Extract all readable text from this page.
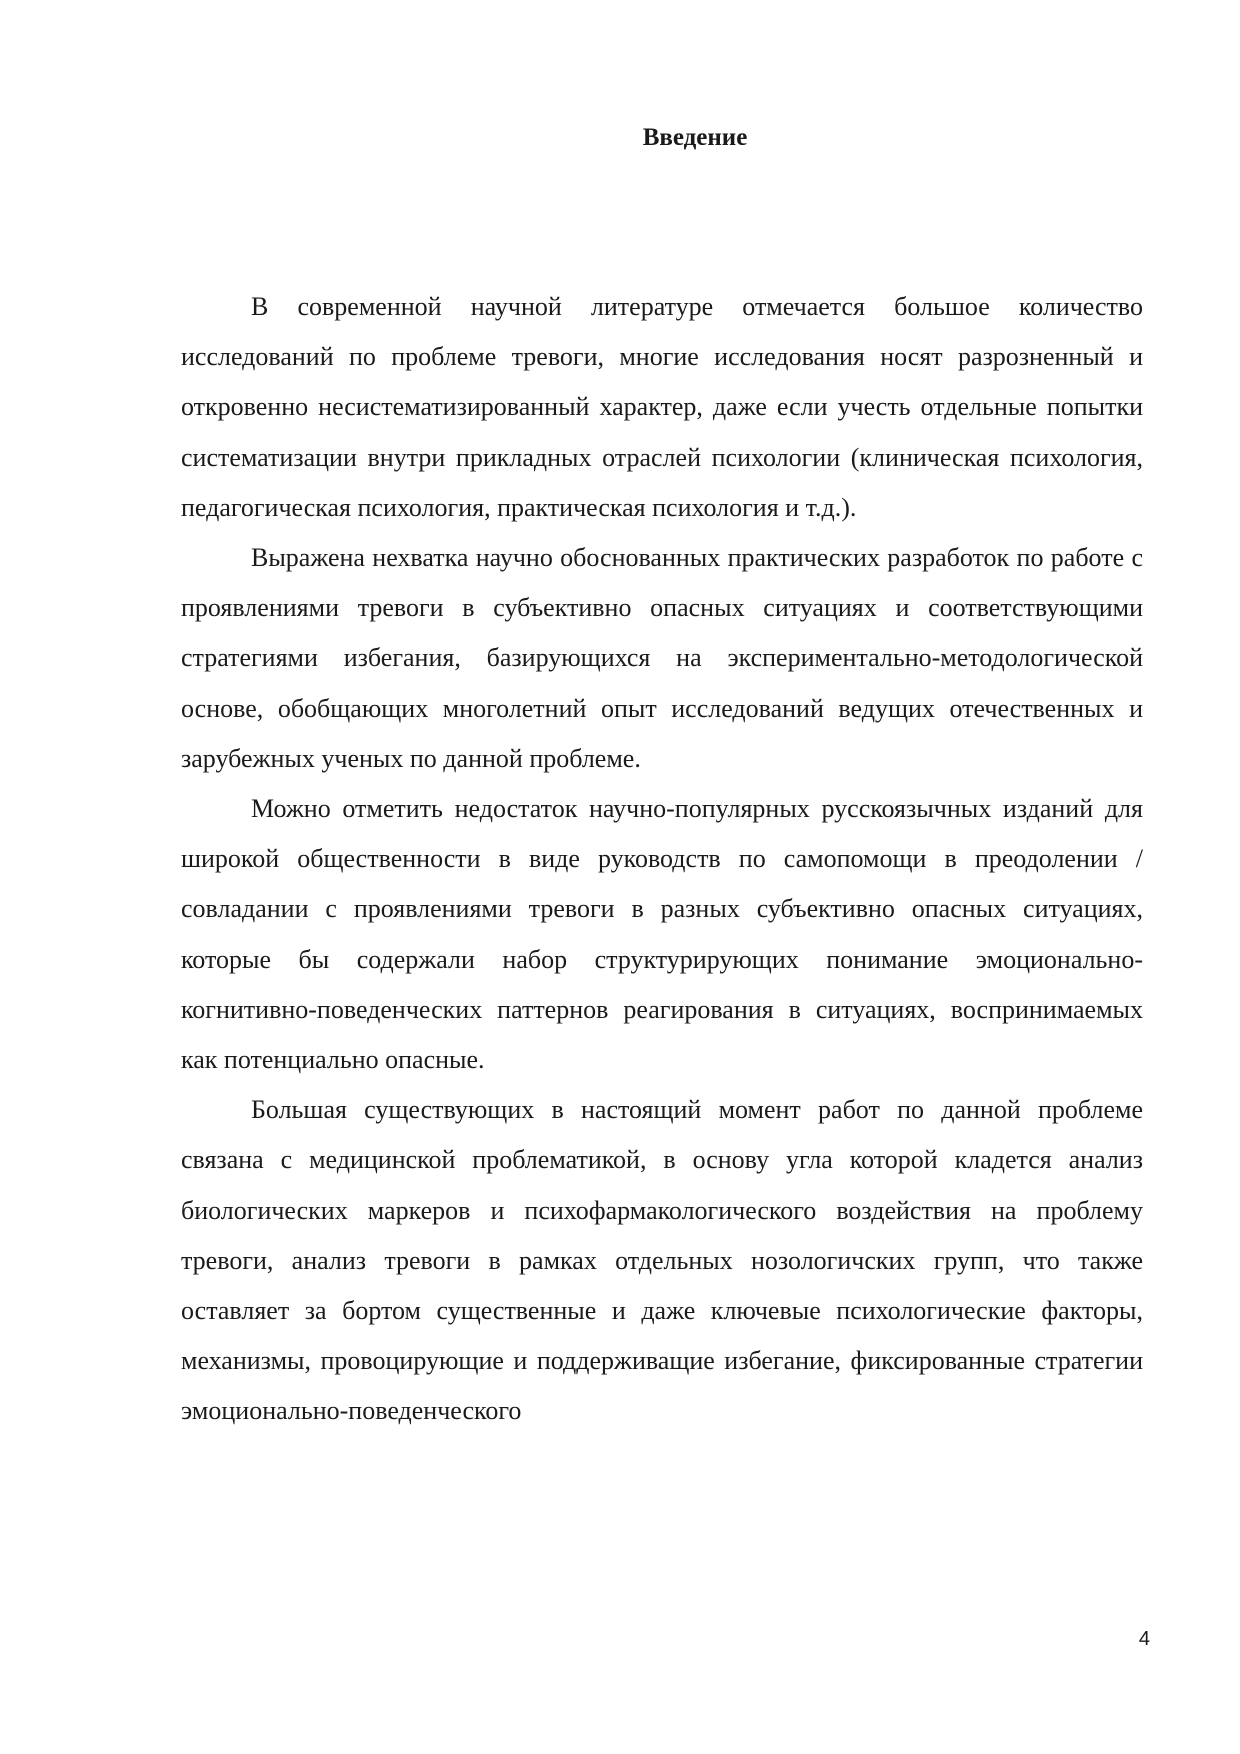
Введение

В современной научной литературе отмечается большое количество исследований по проблеме тревоги, многие исследования носят разрозненный и откровенно несистематизированный характер, даже если учесть отдельные попытки систематизации внутри прикладных отраслей психологии (клиническая психология, педагогическая психология, практическая психология и т.д.).

Выражена нехватка научно обоснованных практических разработок по работе с проявлениями тревоги в субъективно опасных ситуациях и соответствующими стратегиями избегания, базирующихся на экспериментально-методологической основе, обобщающих многолетний опыт исследований ведущих отечественных и зарубежных ученых по данной проблеме.

Можно отметить недостаток научно-популярных русскоязычных изданий для широкой общественности в виде руководств по самопомощи в преодолении / совладании с проявлениями тревоги в разных субъективно опасных ситуациях, которые бы содержали набор структурирующих понимание эмоционально-когнитивно-поведенческих паттернов реагирования в ситуациях, воспринимаемых как потенциально опасные.

Большая существующих в настоящий момент работ по данной проблеме связана с медицинской проблематикой, в основу угла которой кладется анализ биологических маркеров и психофармакологического воздействия на проблему тревоги, анализ тревоги в рамках отдельных нозологичских групп, что также оставляет за бортом существенные и даже ключевые психологические факторы, механизмы, провоцирующие и поддерживащие избегание, фиксированные стратегии эмоционально-поведенческого

4
